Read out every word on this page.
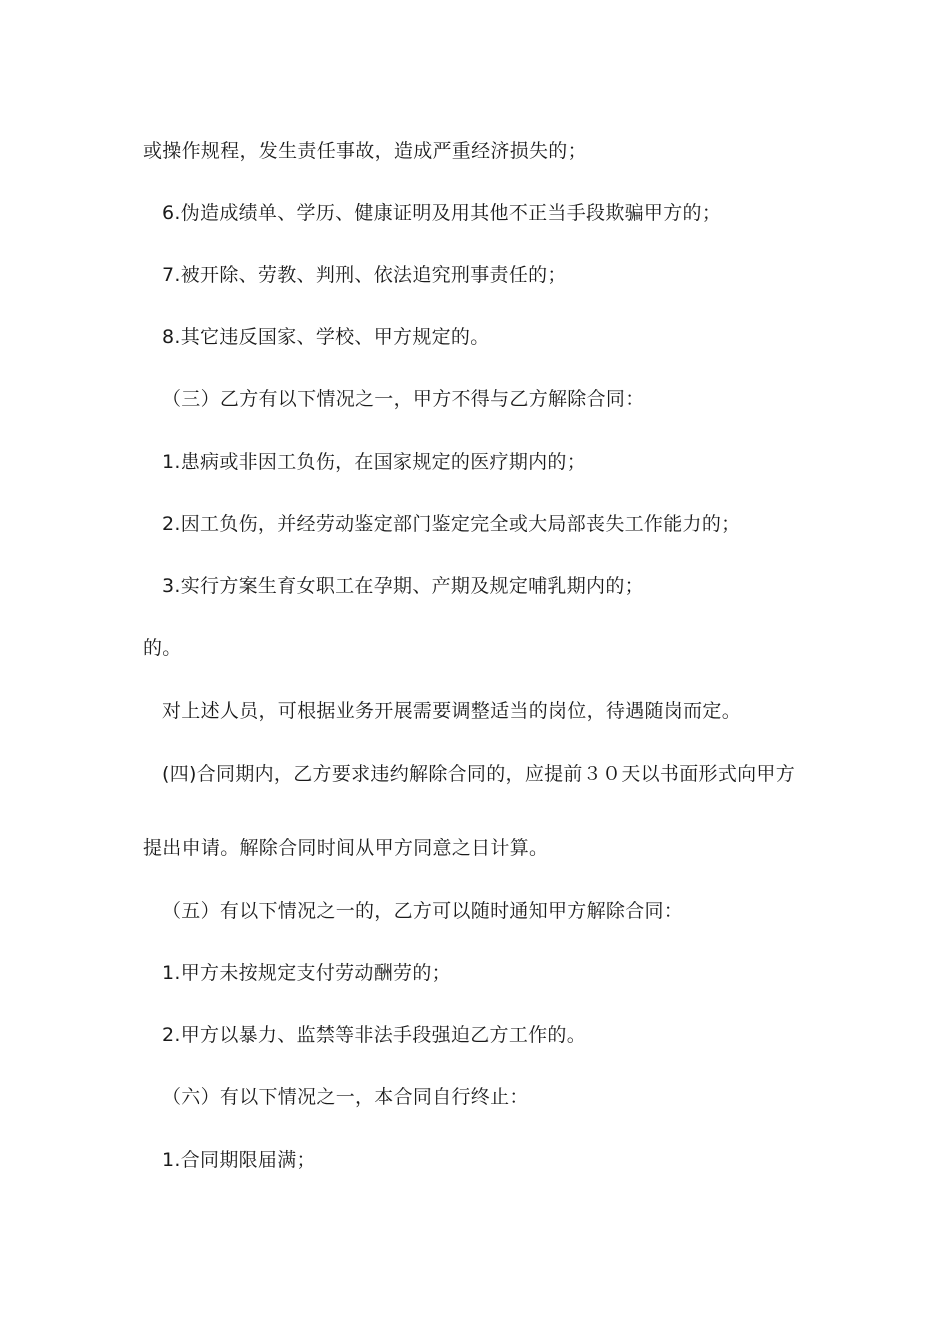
或操作规程，发生责任事故，造成严重经济损失的；
6.伪造成绩单、学历、健康证明及用其他不正当手段欺骗甲方的；
7.被开除、劳教、判刑、依法追究刑事责任的；
8.其它违反国家、学校、甲方规定的。
（三）乙方有以下情况之一，甲方不得与乙方解除合同：
1.患病或非因工负伤，在国家规定的医疗期内的；
2.因工负伤，并经劳动鉴定部门鉴定完全或大局部丧失工作能力的；
3.实行方案生育女职工在孕期、产期及规定哺乳期内的；
的。
对上述人员，可根据业务开展需要调整适当的岗位，待遇随岗而定。
(四)合同期内，乙方要求违约解除合同的，应提前３０天以书面形式向甲方
提出申请。解除合同时间从甲方同意之日计算。
（五）有以下情况之一的，乙方可以随时通知甲方解除合同：
1.甲方未按规定支付劳动酬劳的；
2.甲方以暴力、监禁等非法手段强迫乙方工作的。
（六）有以下情况之一，本合同自行终止：
1.合同期限届满；
